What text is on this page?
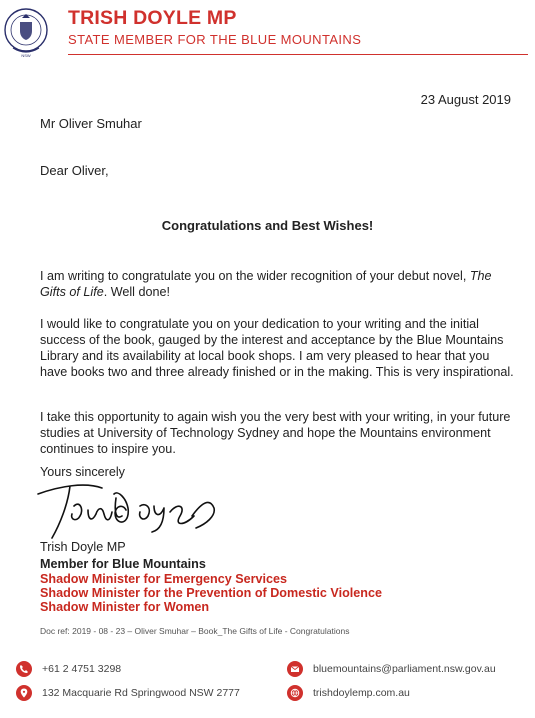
NSW
TRISH DOYLE MP
STATE MEMBER FOR THE BLUE MOUNTAINS
23 August 2019
Mr Oliver Smuhar
Dear Oliver,
Congratulations and Best Wishes!

I am writing to congratulate you on the wider recognition of your debut novel, The Gifts of Life. Well done!

I would like to congratulate you on your dedication to your writing and the initial success of the book, gauged by the interest and acceptance by the Blue Mountains Library and its availability at local book shops. I am very pleased to hear that you have books two and three already finished or in the making. This is very inspirational.

I take this opportunity to again wish you the very best with your writing, in your future studies at University of Technology Sydney and hope the Mountains environment continues to inspire you.

Yours sincerely
Trish Doyle MP
Member for Blue Mountains
Shadow Minister for Emergency Services
Shadow Minister for the Prevention of Domestic Violence
Shadow Minister for Women
Doc ref: 2019 - 08 - 23 – Oliver Smuhar – Book_The Gifts of Life - Congratulations
+61 2 4751 3298
132 Macquarie Rd Springwood NSW 2777
bluemountains@parliament.nsw.gov.au
trishdoylemp.com.au
